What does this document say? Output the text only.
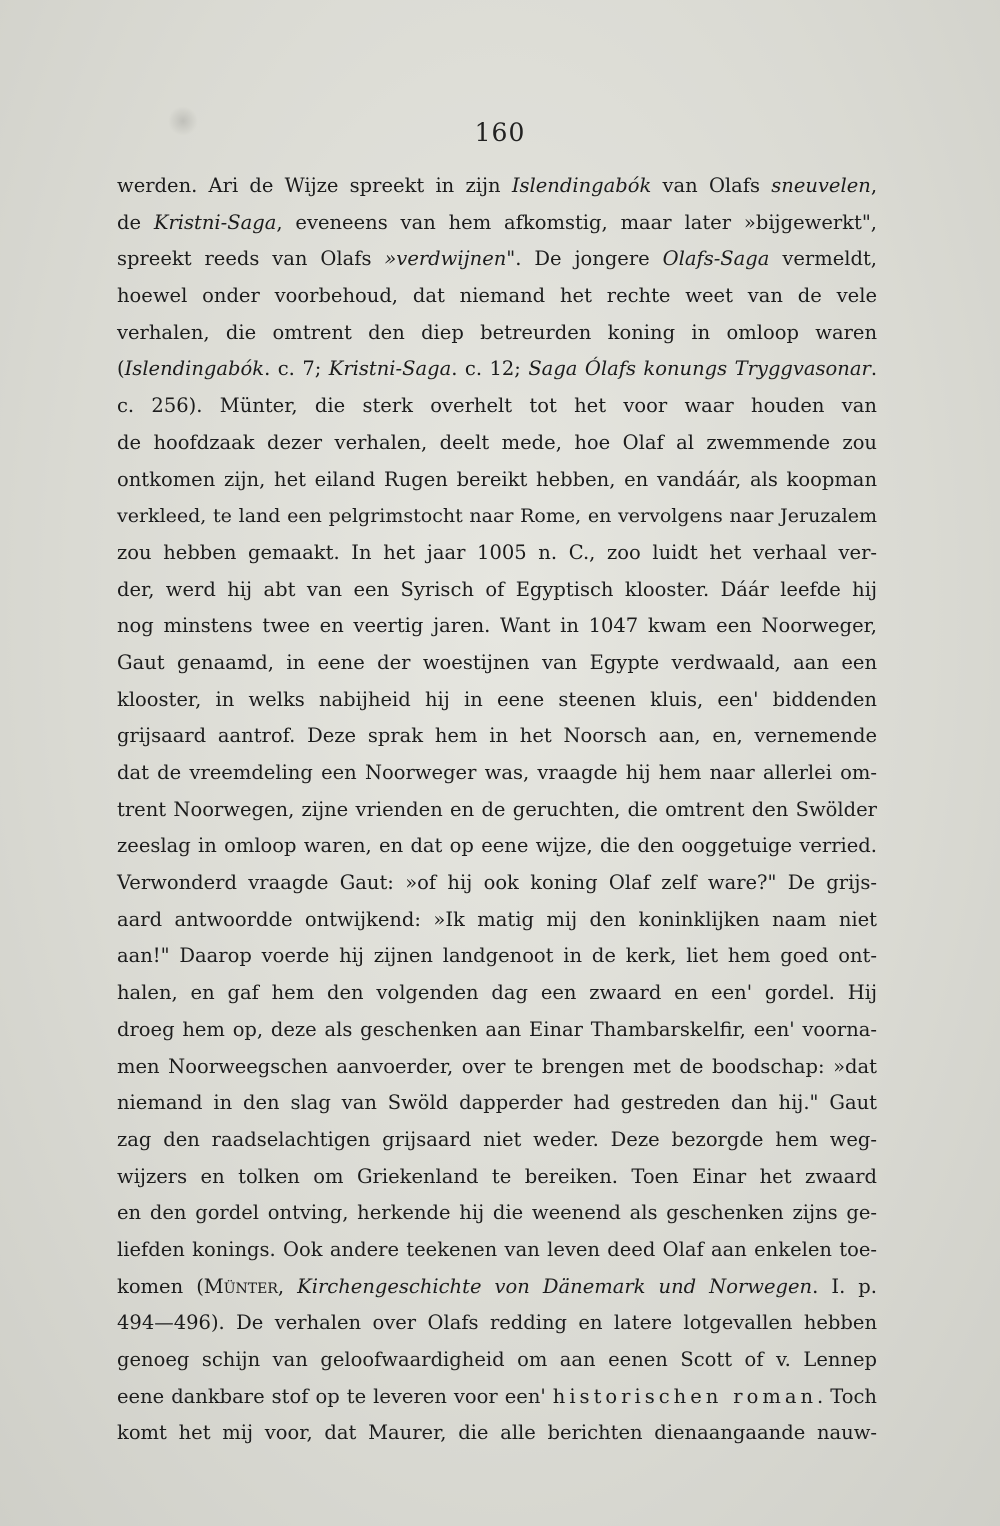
160
werden. Ari de Wijze spreekt in zijn Islendingabók van Olafs sneuvelen,
de Kristni-Saga, eveneens van hem afkomstig, maar later »bijgewerkt",
spreekt reeds van Olafs »verdwijnen". De jongere Olafs-Saga vermeldt,
hoewel onder voorbehoud, dat niemand het rechte weet van de vele
verhalen, die omtrent den diep betreurden koning in omloop waren
(Islendingabók. c. 7; Kristni-Saga. c. 12; Saga Ólafs konungs Tryggvasonar.
c. 256). Münter, die sterk overhelt tot het voor waar houden van
de hoofdzaak dezer verhalen, deelt mede, hoe Olaf al zwemmende zou
ontkomen zijn, het eiland Rugen bereikt hebben, en vandáár, als koopman
verkleed, te land een pelgrimstocht naar Rome, en vervolgens naar Jeruzalem
zou hebben gemaakt. In het jaar 1005 n. C., zoo luidt het verhaal ver-
der, werd hij abt van een Syrisch of Egyptisch klooster. Dáár leefde hij
nog minstens twee en veertig jaren. Want in 1047 kwam een Noorweger,
Gaut genaamd, in eene der woestijnen van Egypte verdwaald, aan een
klooster, in welks nabijheid hij in eene steenen kluis, een' biddenden
grijsaard aantrof. Deze sprak hem in het Noorsch aan, en, vernemende
dat de vreemdeling een Noorweger was, vraagde hij hem naar allerlei om-
trent Noorwegen, zijne vrienden en de geruchten, die omtrent den Swölder
zeeslag in omloop waren, en dat op eene wijze, die den ooggetuige verried.
Verwonderd vraagde Gaut: »of hij ook koning Olaf zelf ware?" De grijs-
aard antwoordde ontwijkend: »Ik matig mij den koninklijken naam niet
aan!" Daarop voerde hij zijnen landgenoot in de kerk, liet hem goed ont-
halen, en gaf hem den volgenden dag een zwaard en een' gordel. Hij
droeg hem op, deze als geschenken aan Einar Thambarskelfir, een' voorna-
men Noorweegschen aanvoerder, over te brengen met de boodschap: »dat
niemand in den slag van Swöld dapperder had gestreden dan hij." Gaut
zag den raadselachtigen grijsaard niet weder. Deze bezorgde hem weg-
wijzers en tolken om Griekenland te bereiken. Toen Einar het zwaard
en den gordel ontving, herkende hij die weenend als geschenken zijns ge-
liefden konings. Ook andere teekenen van leven deed Olaf aan enkelen toe-
komen (Münter, Kirchengeschichte von Dänemark und Norwegen. I. p.
494—496). De verhalen over Olafs redding en latere lotgevallen hebben
genoeg schijn van geloofwaardigheid om aan eenen Scott of v. Lennep
eene dankbare stof op te leveren voor een' historischen roman. Toch
komt het mij voor, dat Maurer, die alle berichten dienaangaande nauw-
